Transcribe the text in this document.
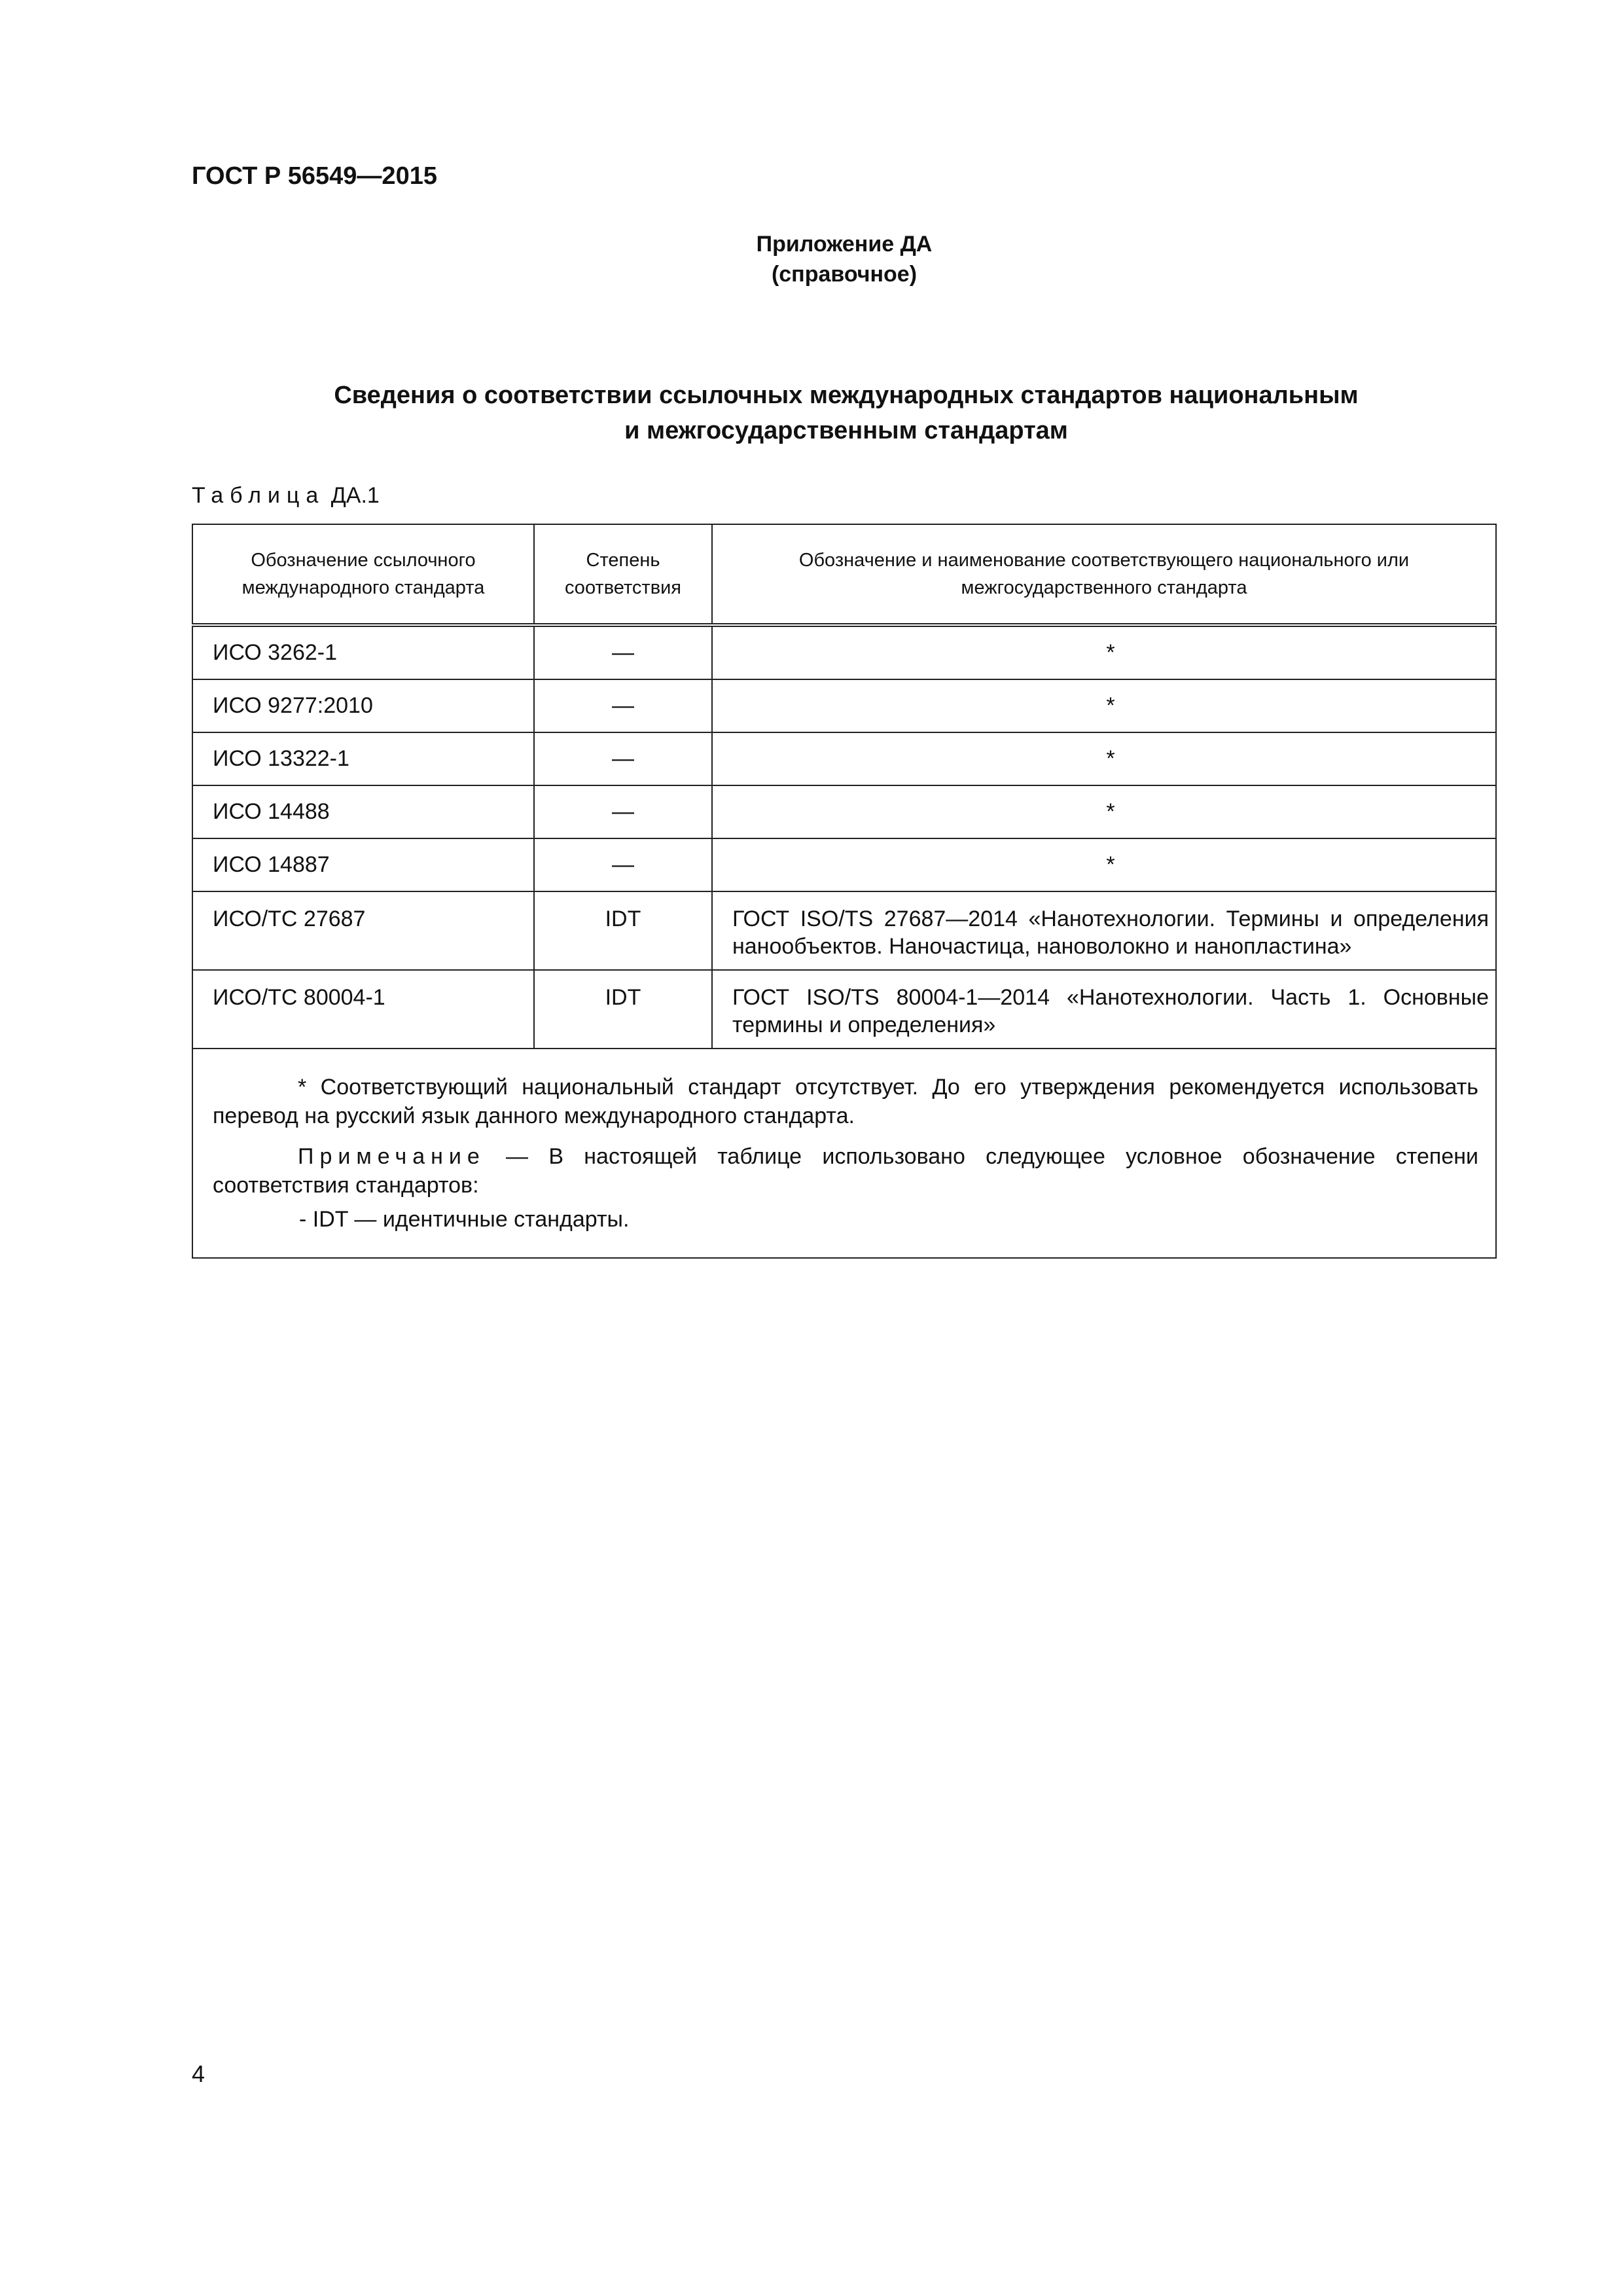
ГОСТ Р 56549—2015
Приложение ДА
(справочное)
Сведения о соответствии ссылочных международных стандартов национальным
и межгосударственным стандартам
Таблица ДА.1
Обозначение ссылочного международного стандарта	Степень соответствия	Обозначение и наименование соответствующего национального или межгосударственного стандарта
ИСО 3262-1	—	*

ИСО 9277:2010	—	*

ИСО 13322-1	—	*

ИСО 14488	—	*

ИСО 14887	—	*

ИСО/ТС 27687	IDT	ГОСТ ISO/TS 27687—2014 «Нанотехнологии. Термины и определения нанообъектов. Наночастица, нановолокно и нанопластина»
ИСО/ТС 80004-1	IDT	ГОСТ ISO/TS 80004-1—2014 «Нанотехнологии. Часть 1. Основные термины и определения»

* Соответствующий национальный стандарт отсутствует. До его утверждения рекомендуется использовать перевод на русский язык данного международного стандарта.

Примечание — В настоящей таблице использовано следующее условное обозначение степени соответствия стандартов:

- IDT — идентичные стандарты.		

4
